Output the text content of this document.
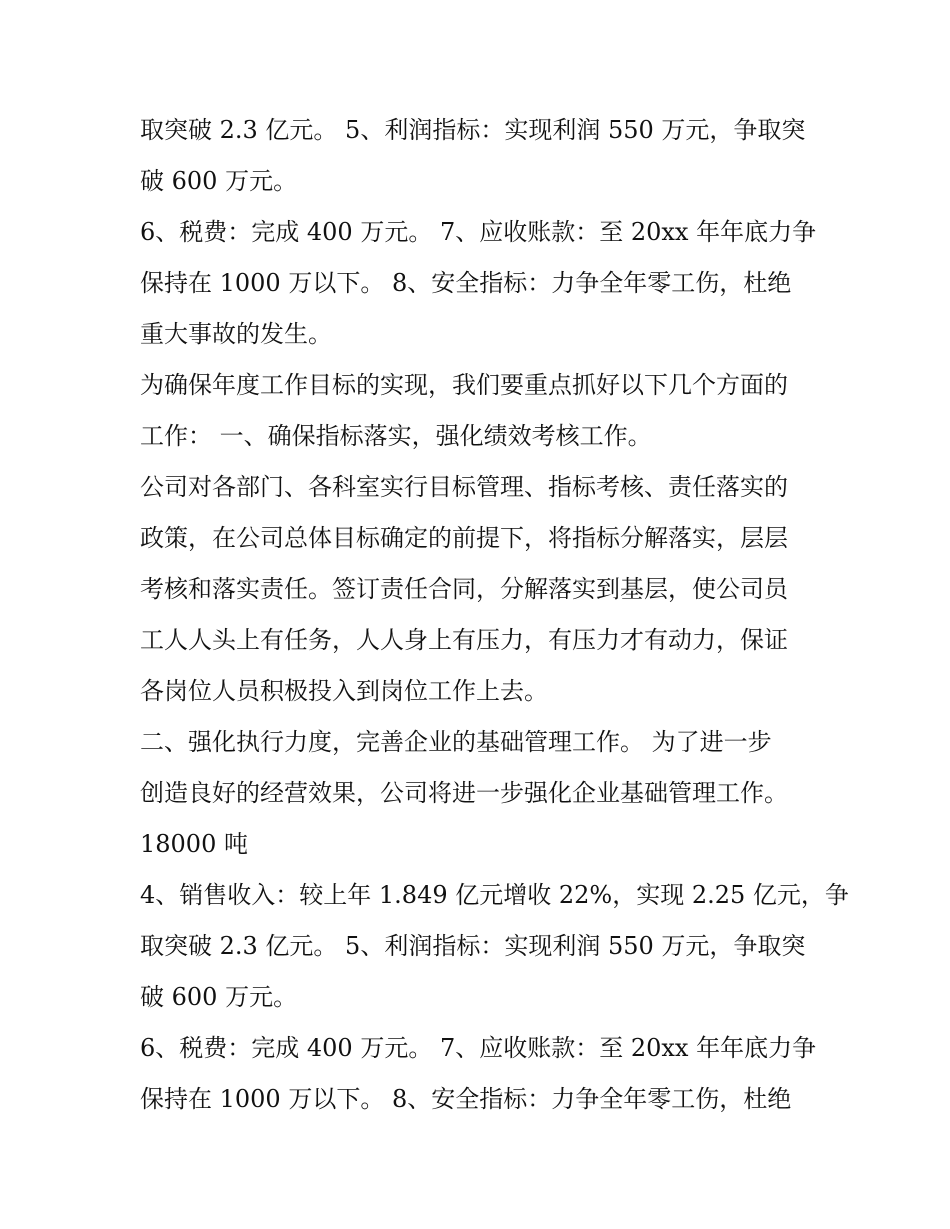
取突破 2.3 亿元。 5、利润指标：实现利润 550 万元，争取突

破 600 万元。

6、税费：完成 400 万元。 7、应收账款：至 20xx 年年底力争

保持在 1000 万以下。 8、安全指标：力争全年零工伤，杜绝

重大事故的发生。

为确保年度工作目标的实现，我们要重点抓好以下几个方面的

工作： 一、确保指标落实，强化绩效考核工作。

公司对各部门、各科室实行目标管理、指标考核、责任落实的

政策，在公司总体目标确定的前提下，将指标分解落实，层层

考核和落实责任。签订责任合同，分解落实到基层，使公司员

工人人头上有任务，人人身上有压力，有压力才有动力，保证

各岗位人员积极投入到岗位工作上去。

二、强化执行力度，完善企业的基础管理工作。 为了进一步

创造良好的经营效果，公司将进一步强化企业基础管理工作。

18000 吨

4、销售收入：较上年 1.849 亿元增收 22%，实现 2.25 亿元，争

取突破 2.3 亿元。 5、利润指标：实现利润 550 万元，争取突

破 600 万元。

6、税费：完成 400 万元。 7、应收账款：至 20xx 年年底力争

保持在 1000 万以下。 8、安全指标：力争全年零工伤，杜绝
